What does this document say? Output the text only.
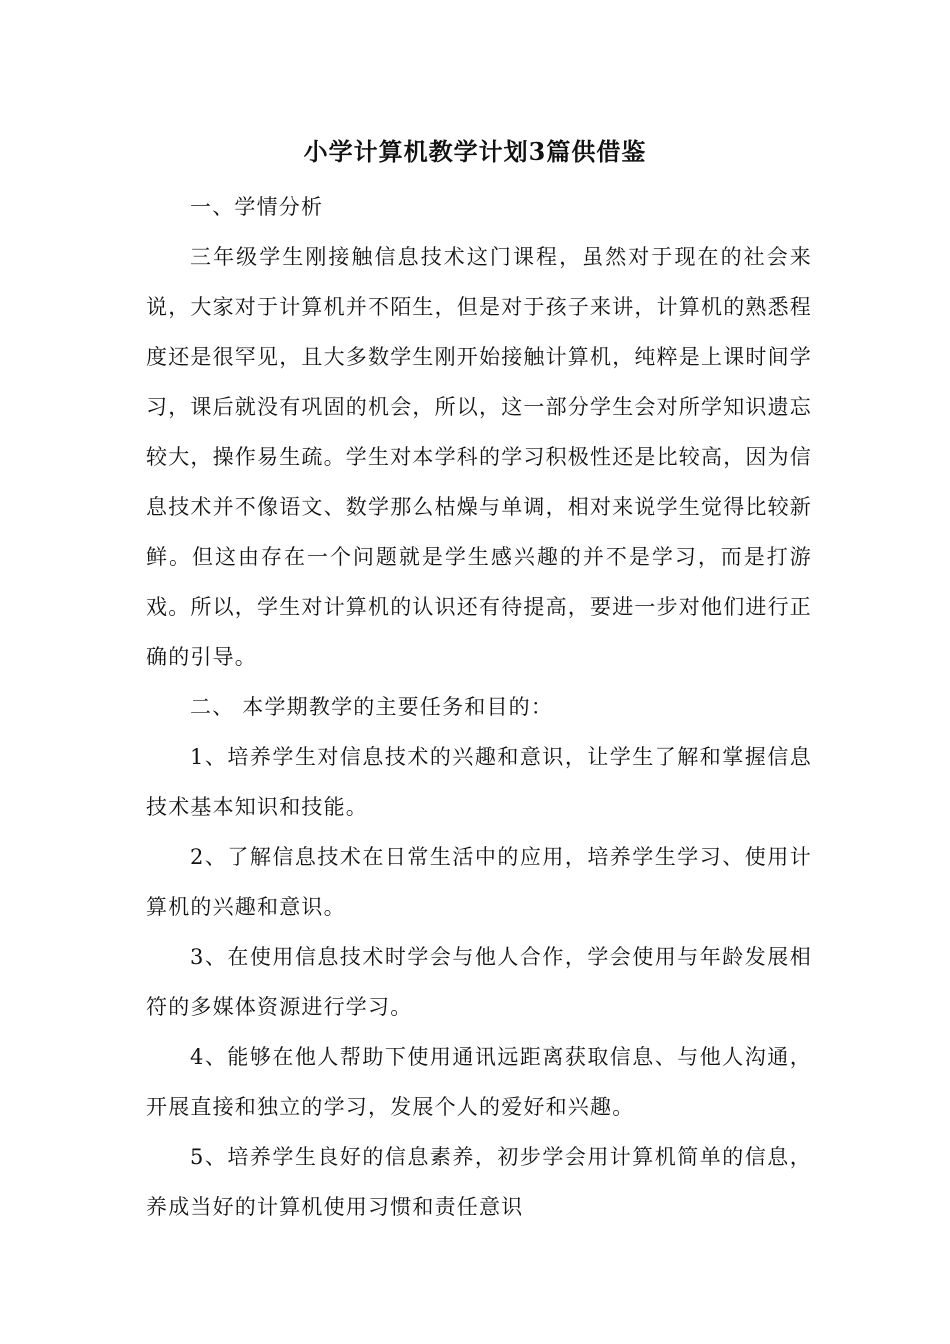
小学计算机教学计划3篇供借鉴

一、学情分析

三年级学生刚接触信息技术这门课程，虽然对于现在的社会来说，大家对于计算机并不陌生，但是对于孩子来讲，计算机的熟悉程度还是很罕见，且大多数学生刚开始接触计算机，纯粹是上课时间学习，课后就没有巩固的机会，所以，这一部分学生会对所学知识遗忘较大，操作易生疏。学生对本学科的学习积极性还是比较高，因为信息技术并不像语文、数学那么枯燥与单调，相对来说学生觉得比较新鲜。但这由存在一个问题就是学生感兴趣的并不是学习，而是打游戏。所以，学生对计算机的认识还有待提高，要进一步对他们进行正确的引导。

二、 本学期教学的主要任务和目的：

1、培养学生对信息技术的兴趣和意识，让学生了解和掌握信息技术基本知识和技能。

2、了解信息技术在日常生活中的应用，培养学生学习、使用计算机的兴趣和意识。

3、在使用信息技术时学会与他人合作，学会使用与年龄发展相符的多媒体资源进行学习。

4、能够在他人帮助下使用通讯远距离获取信息、与他人沟通，开展直接和独立的学习，发展个人的爱好和兴趣。

5、培养学生良好的信息素养，初步学会用计算机简单的信息，养成当好的计算机使用习惯和责任意识
